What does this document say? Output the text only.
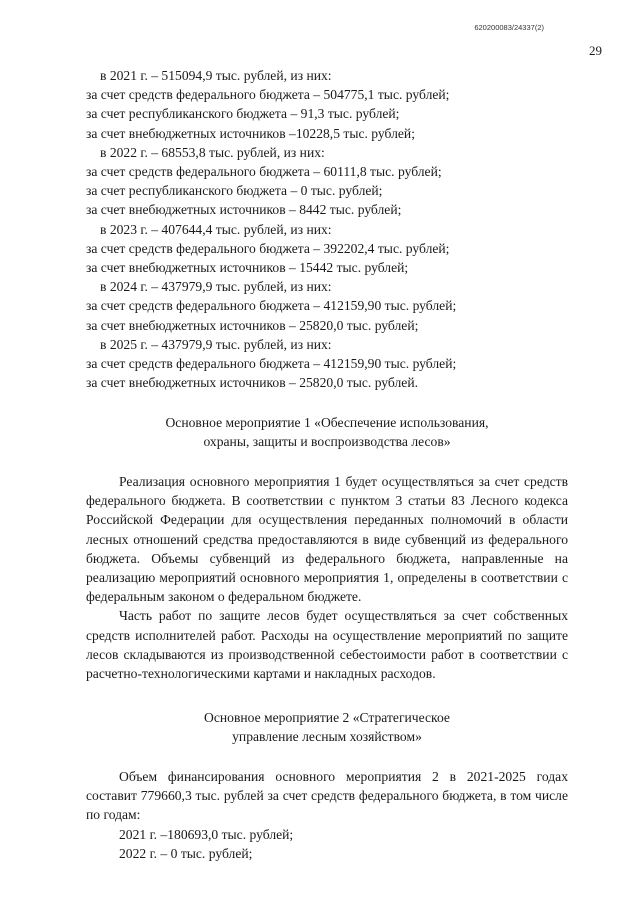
620200083/24337(2)
29
в 2021 г. – 515094,9 тыс. рублей, из них:
за счет средств федерального бюджета – 504775,1 тыс. рублей;
за счет республиканского бюджета – 91,3 тыс. рублей;
за счет внебюджетных источников –10228,5 тыс. рублей;
в 2022 г. – 68553,8 тыс. рублей, из них:
за счет средств федерального бюджета – 60111,8 тыс. рублей;
за счет республиканского бюджета – 0 тыс. рублей;
за счет внебюджетных источников – 8442 тыс. рублей;
в 2023 г. – 407644,4 тыс. рублей, из них:
за счет средств федерального бюджета – 392202,4 тыс. рублей;
за счет внебюджетных источников – 15442 тыс. рублей;
в 2024 г. – 437979,9 тыс. рублей, из них:
за счет средств федерального бюджета – 412159,90 тыс. рублей;
за счет внебюджетных источников – 25820,0 тыс. рублей;
в 2025 г. – 437979,9 тыс. рублей, из них:
за счет средств федерального бюджета – 412159,90 тыс. рублей;
за счет внебюджетных источников – 25820,0 тыс. рублей.
Основное мероприятие 1 «Обеспечение использования,
охраны, защиты и воспроизводства лесов»

Реализация основного мероприятия 1 будет осуществляться за счет средств федерального бюджета. В соответствии с пунктом 3 статьи 83 Лесного кодекса Российской Федерации для осуществления переданных полномочий в области лесных отношений средства предоставляются в виде субвенций из федерального бюджета. Объемы субвенций из федерального бюджета, направленные на реализацию мероприятий основного мероприятия 1, определены в соответствии с федеральным законом о федеральном бюджете.

Часть работ по защите лесов будет осуществляться за счет собственных средств исполнителей работ. Расходы на осуществление мероприятий по защите лесов складываются из производственной себестоимости работ в соответствии с расчетно-технологическими картами и накладных расходов.

Основное мероприятие 2 «Стратегическое
управление лесным хозяйством»

Объем финансирования основного мероприятия 2 в 2021-2025 годах составит 779660,3 тыс. рублей за счет средств федерального бюджета, в том числе по годам:

2021 г. –180693,0 тыс. рублей;
2022 г. – 0 тыс. рублей;
